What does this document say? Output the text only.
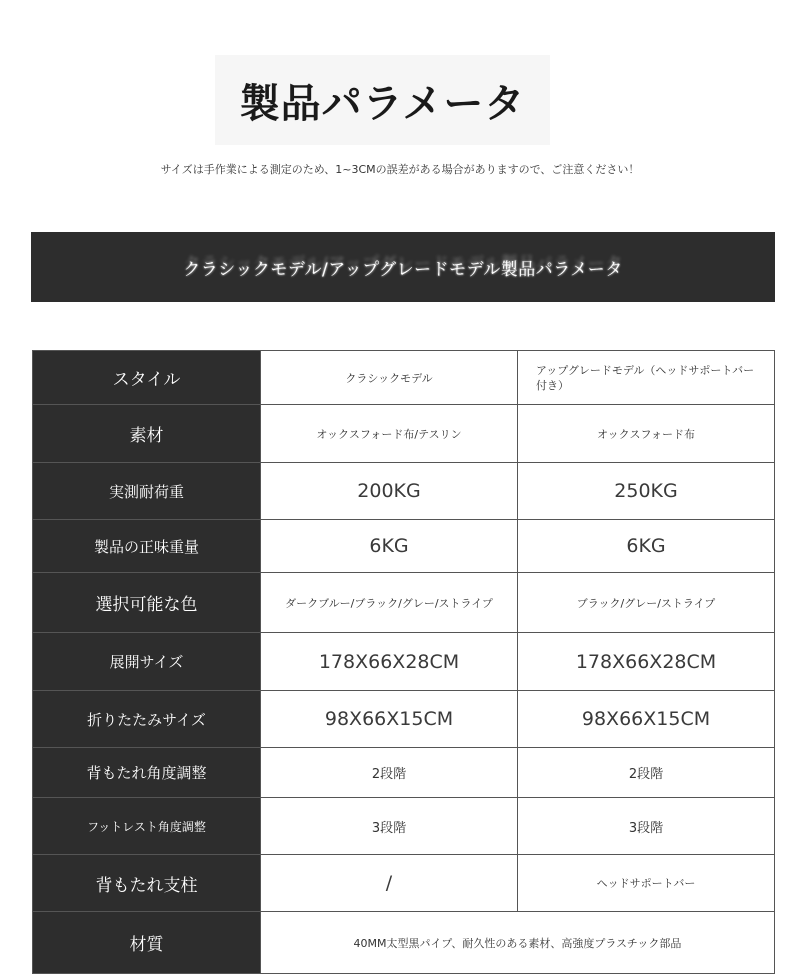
製品パラメータ
サイズは手作業による測定のため、1~3CMの誤差がある場合がありますので、ご注意ください！
クラシックモデル/アップグレードモデル製品パラメータ
スタイル	クラシックモデル	アップグレードモデル（ヘッドサポートバー付き）
素材	オックスフォード布/テスリン	オックスフォード布
実測耐荷重	200KG	250KG
製品の正味重量	6KG	6KG
選択可能な色	ダークブルー/ブラック/グレー/ストライプ	ブラック/グレー/ストライプ
展開サイズ	178X66X28CM	178X66X28CM
折りたたみサイズ	98X66X15CM	98X66X15CM
背もたれ角度調整	2段階	2段階
フットレスト角度調整	3段階	3段階
背もたれ支柱	/	ヘッドサポートバー
材質	40MM太型黒パイプ、耐久性のある素材、高強度プラスチック部品	
